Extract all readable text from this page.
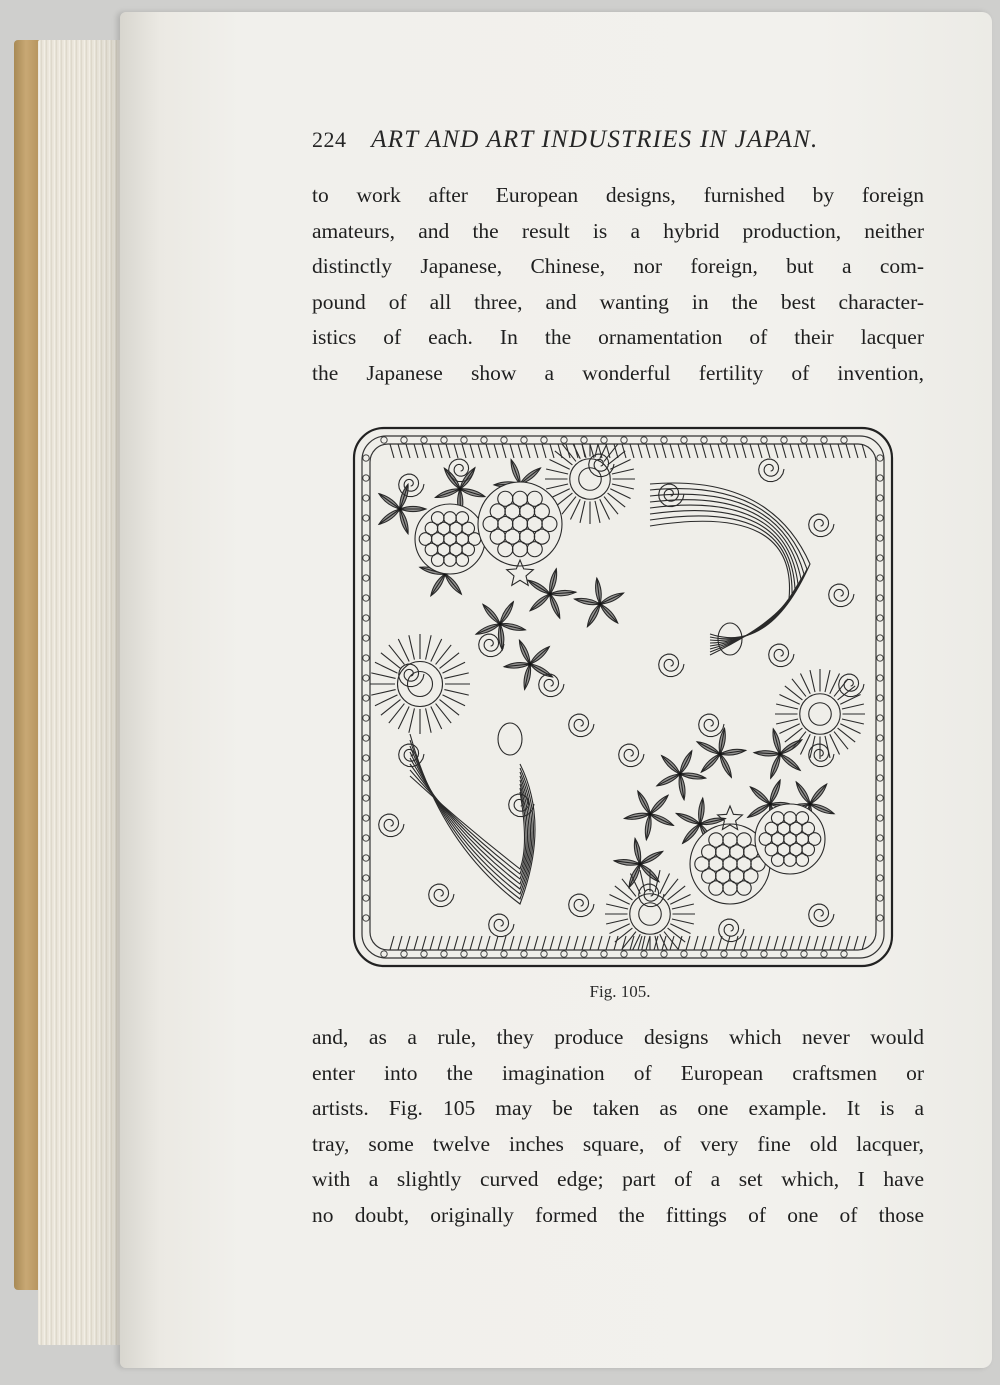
224 ART AND ART INDUSTRIES IN JAPAN.
to work after European designs, furnished by foreign
amateurs, and the result is a hybrid production, neither
distinctly Japanese, Chinese, nor foreign, but a com-
pound of all three, and wanting in the best character-
istics of each. In the ornamentation of their lacquer
the Japanese show a wonderful fertility of invention,
Fig. 105.
and, as a rule, they produce designs which never would
enter into the imagination of European craftsmen or
artists. Fig. 105 may be taken as one example. It is a
tray, some twelve inches square, of very fine old lacquer,
with a slightly curved edge; part of a set which, I have
no doubt, originally formed the fittings of one of those
